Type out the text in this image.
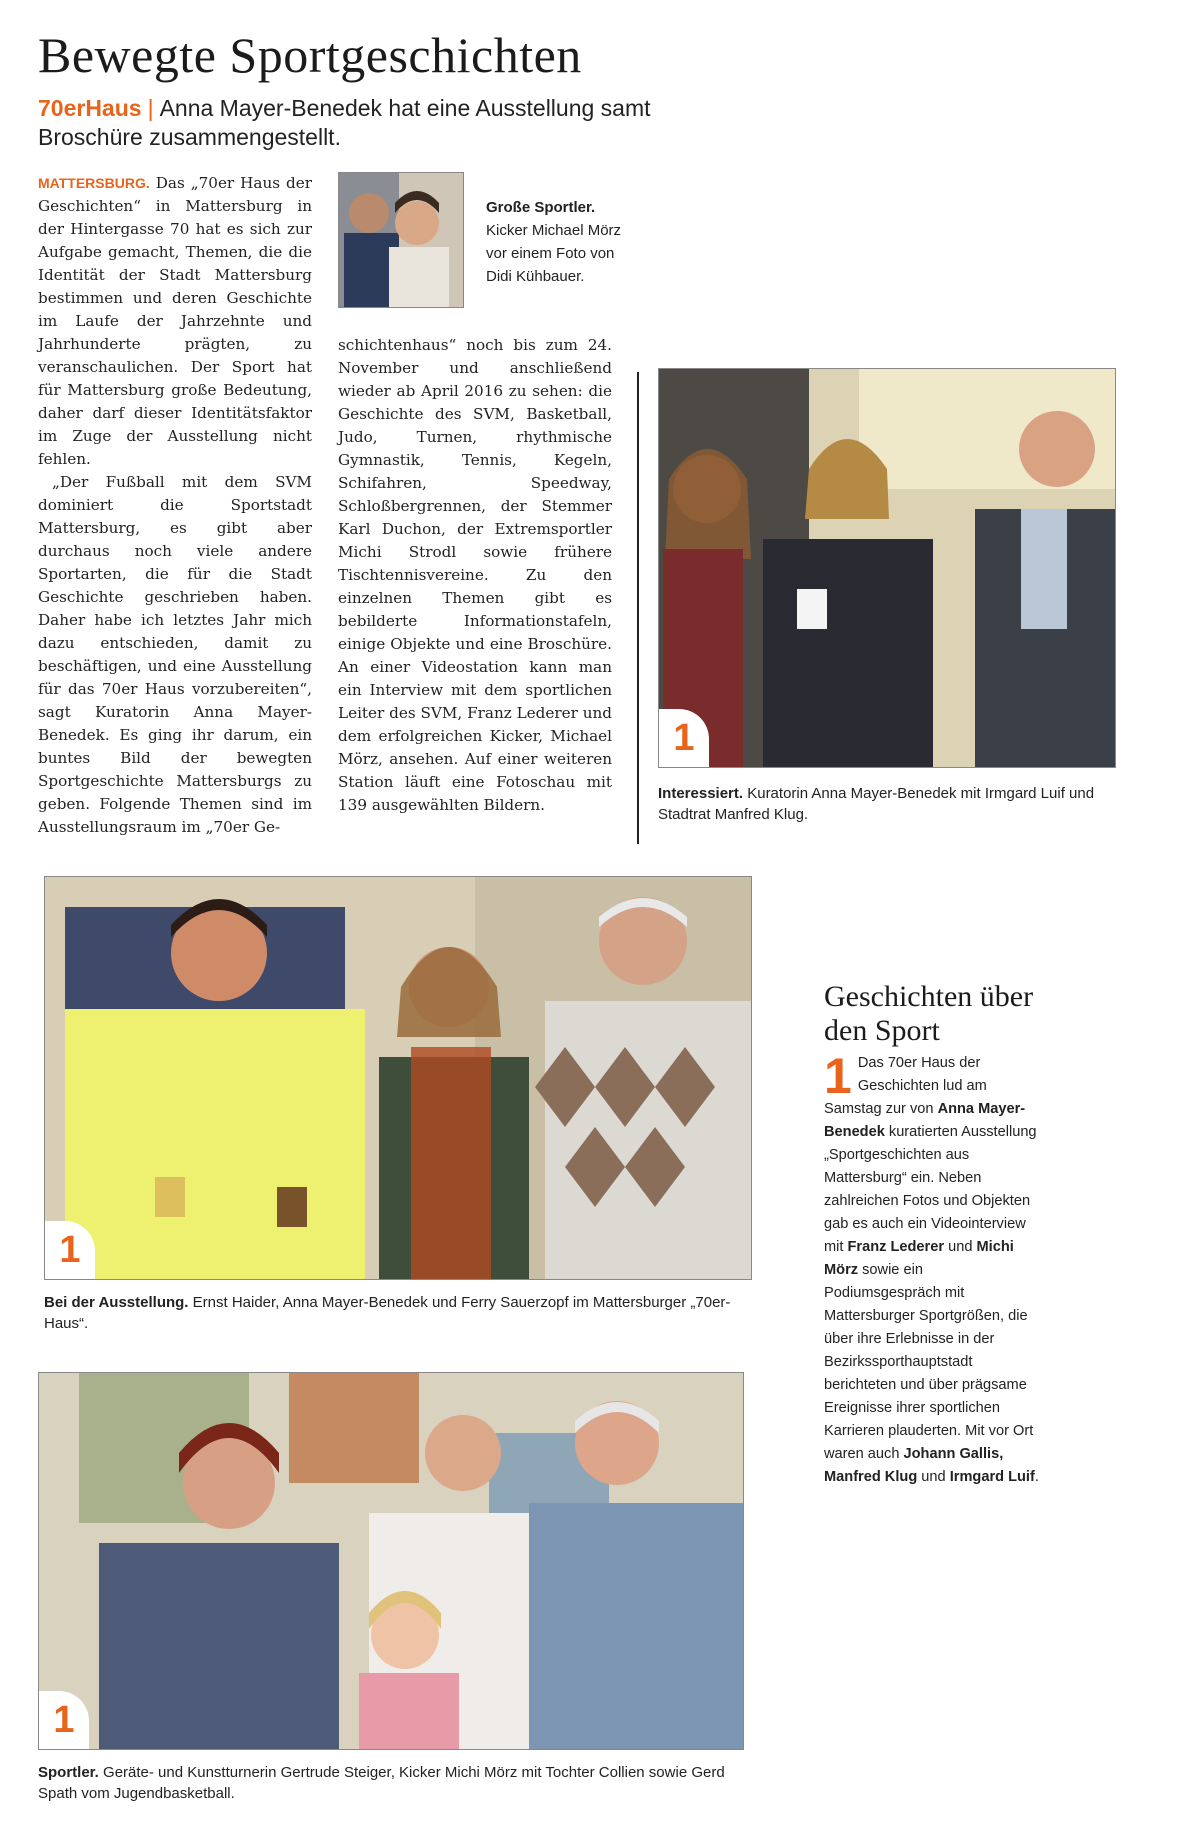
Bewegte Sportgeschichten
70erHaus | Anna Mayer-Benedek hat eine Ausstellung samt Broschüre zusammengestellt.

MATTERSBURG. Das „70er Haus der Geschichten“ in Mattersburg in der Hintergasse 70 hat es sich zur Aufgabe gemacht, Themen, die die Identität der Stadt Mattersburg bestimmen und deren Geschichte im Laufe der Jahrzehnte und Jahrhunderte prägten, zu veranschaulichen. Der Sport hat für Mattersburg große Bedeutung, daher darf dieser Identitätsfaktor im Zuge der Ausstellung nicht fehlen.

„Der Fußball mit dem SVM dominiert die Sportstadt Mattersburg, es gibt aber durchaus noch viele andere Sportarten, die für die Stadt Geschichte geschrieben haben. Daher habe ich letztes Jahr mich dazu entschieden, damit zu beschäftigen, und eine Ausstellung für das 70er Haus vorzubereiten“, sagt Kuratorin Anna Mayer-Benedek. Es ging ihr darum, ein buntes Bild der bewegten Sportgeschichte Mattersburgs zu geben. Folgende Themen sind im Ausstellungsraum im „70er Ge-

Große Sportler. Kicker Michael Mörz vor einem Foto von Didi Kühbauer.

schichtenhaus“ noch bis zum 24. November und anschließend wieder ab April 2016 zu sehen: die Geschichte des SVM, Basketball, Judo, Turnen, rhythmische Gymnastik, Tennis, Kegeln, Schifahren, Speedway, Schloßbergrennen, der Stemmer Karl Duchon, der Extremsportler Michi Strodl sowie frühere Tischtennisvereine. Zu den einzelnen Themen gibt es bebilderte Informationstafeln, einige Objekte und eine Broschüre. An einer Videostation kann man ein Interview mit dem sportlichen Leiter des SVM, Franz Lederer und dem erfolgreichen Kicker, Michael Mörz, ansehen. Auf einer weiteren Station läuft eine Fotoschau mit 139 ausgewählten Bildern.

1
Interessiert. Kuratorin Anna Mayer-Benedek mit Irmgard Luif und Stadtrat Manfred Klug.
1
Bei der Ausstellung. Ernst Haider, Anna Mayer-Benedek und Ferry Sauerzopf im Mattersburger „70er-Haus“.
Geschichten über den Sport
1 Das 70er Haus der Geschichten lud am Samstag zur von Anna Mayer-Benedek kuratierten Ausstellung „Sportgeschichten aus Mattersburg“ ein. Neben zahlreichen Fotos und Objekten gab es auch ein Videointerview mit Franz Lederer und Michi Mörz sowie ein Podiumsgespräch mit Mattersburger Sportgrößen, die über ihre Erlebnisse in der Bezirkssporthauptstadt berichteten und über prägsame Ereignisse ihrer sportlichen Karrieren plauderten. Mit vor Ort waren auch Johann Gallis, Manfred Klug und Irmgard Luif.
1
Sportler. Geräte- und Kunstturnerin Gertrude Steiger, Kicker Michi Mörz mit Tochter Collien sowie Gerd Spath vom Jugendbasketball.
